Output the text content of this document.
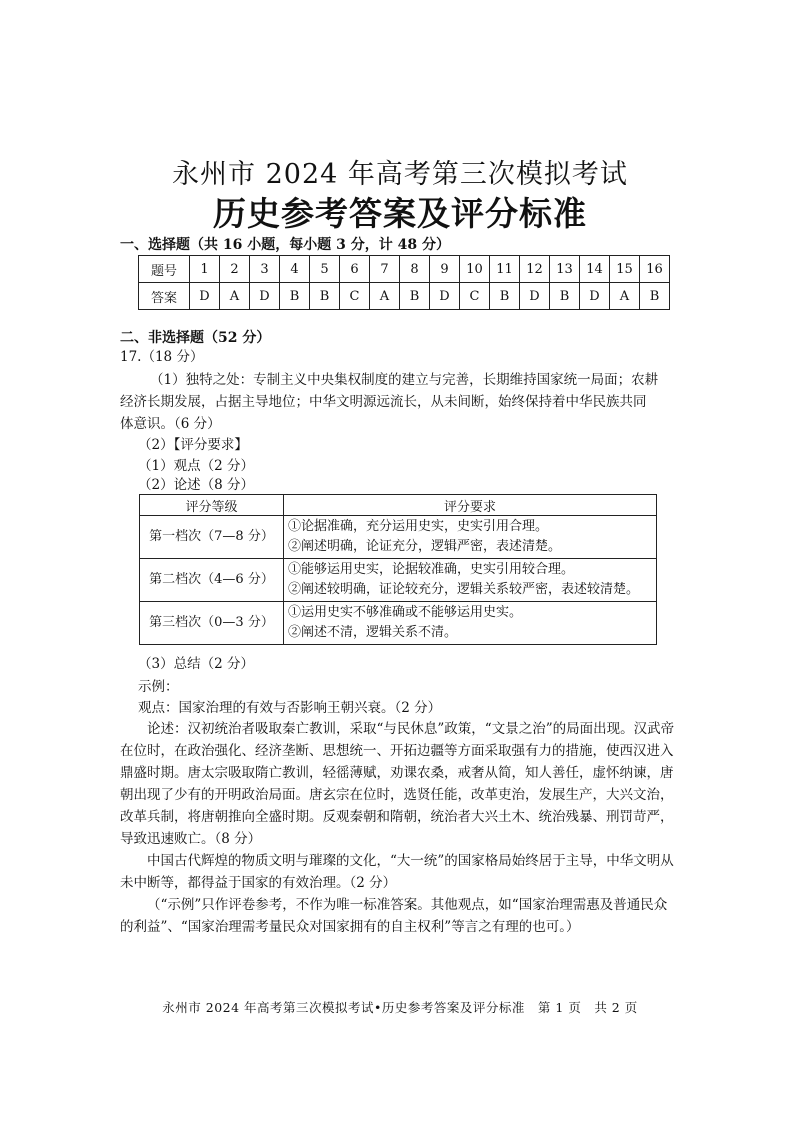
永州市 2024 年高考第三次模拟考试
历史参考答案及评分标准
一、选择题（共 16 小题，每小题 3 分，计 48 分）
题号	1	2	3	4	5	6	7	8	9	10	11	12	13	14	15	16
答案	D	A	D	B	B	C	A	B	D	C	B	D	B	D	A	B
二、非选择题（52 分）
17.（18 分）
（1）独特之处：专制主义中央集权制度的建立与完善，长期维持国家统一局面；农耕
经济长期发展，占据主导地位；中华文明源远流长，从未间断，始终保持着中华民族共同
体意识。（6 分）
（2）【评分要求】
（1）观点（2 分）
（2）论述（8 分）
评分等级	评分要求
第一档次（7—8 分）	①论据准确，充分运用史实，史实引用合理。
②阐述明确，论证充分，逻辑严密，表述清楚。

第二档次（4—6 分）	①能够运用史实，论据较准确，史实引用较合理。
②阐述较明确，证论较充分，逻辑关系较严密，表述较清楚。

第三档次（0—3 分）	①运用史实不够准确或不能够运用史实。
②阐述不清，逻辑关系不清。
（3）总结（2 分）
示例：
观点：国家治理的有效与否影响王朝兴衰。（2 分）
论述：汉初统治者吸取秦亡教训，采取“与民休息”政策，“文景之治”的局面出现。汉武帝在位时，在政治强化、经济垄断、思想统一、开拓边疆等方面采取强有力的措施，使西汉进入鼎盛时期。唐太宗吸取隋亡教训，轻徭薄赋，劝课农桑，戒奢从简，知人善任，虚怀纳谏，唐朝出现了少有的开明政治局面。唐玄宗在位时，选贤任能，改革吏治，发展生产，大兴文治，改革兵制，将唐朝推向全盛时期。反观秦朝和隋朝，统治者大兴土木、统治残暴、刑罚苛严，导致迅速败亡。（8 分）
中国古代辉煌的物质文明与璀璨的文化，“大一统”的国家格局始终居于主导，中华文明从未中断等，都得益于国家的有效治理。（2 分）
（“示例”只作评卷参考，不作为唯一标准答案。其他观点，如“国家治理需惠及普通民众的利益”、“国家治理需考量民众对国家拥有的自主权利”等言之有理的也可。）
永州市 2024 年高考第三次模拟考试•历史参考答案及评分标准　第 1 页　共 2 页
